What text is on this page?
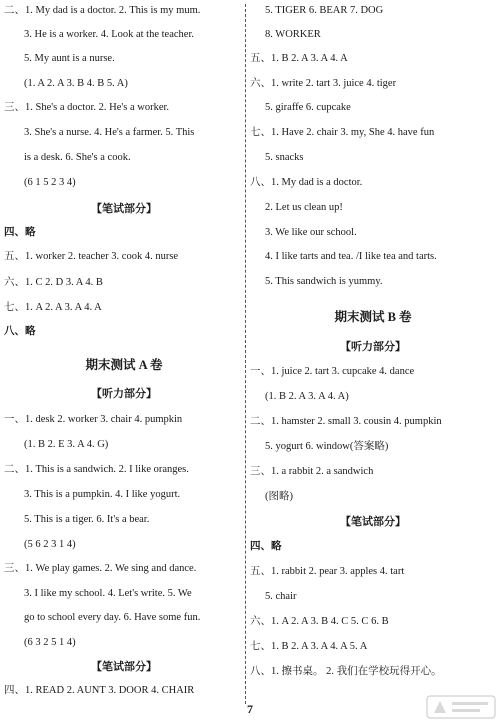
二、1. My dad is a doctor. 2. This is my mum.
3. He is a worker. 4. Look at the teacher.
5. My aunt is a nurse.
(1. A 2. A 3. B 4. B 5. A)
三、1. She's a doctor. 2. He's a worker.
3. She's a nurse. 4. He's a farmer. 5. This
is a desk. 6. She's a cook.
(6 1 5 2 3 4)
【笔试部分】
四、略
五、1. worker 2. teacher 3. cook 4. nurse
六、1. C 2. D 3. A 4. B
七、1. A 2. A 3. A 4. A
八、略
期末测试 A 卷
【听力部分】
一、1. desk 2. worker 3. chair 4. pumpkin
(1. B 2. E 3. A 4. G)
二、1. This is a sandwich. 2. I like oranges.
3. This is a pumpkin. 4. I like yogurt.
5. This is a tiger. 6. It's a bear.
(5 6 2 3 1 4)
三、1. We play games. 2. We sing and dance.
3. I like my school. 4. Let's write. 5. We
go to school every day. 6. Have some fun.
(6 3 2 5 1 4)
【笔试部分】
四、1. READ 2. AUNT 3. DOOR 4. CHAIR
5. TIGER 6. BEAR 7. DOG
8. WORKER
五、1. B 2. A 3. A 4. A
六、1. write 2. tart 3. juice 4. tiger
5. giraffe 6. cupcake
七、1. Have 2. chair 3. my, She 4. have fun
5. snacks
八、1. My dad is a doctor.
2. Let us clean up!
3. We like our school.
4. I like tarts and tea. /I like tea and tarts.
5. This sandwich is yummy.
期末测试 B 卷
【听力部分】
一、1. juice 2. tart 3. cupcake 4. dance
(1. B 2. A 3. A 4. A)
二、1. hamster 2. small 3. cousin 4. pumpkin
5. yogurt 6. window(答案略)
三、1. a rabbit 2. a sandwich
(图略)
【笔试部分】
四、略
五、1. rabbit 2. pear 3. apples 4. tart
5. chair
六、1. A 2. A 3. B 4. C 5. C 6. B
七、1. B 2. A 3. A 4. A 5. A
八、1. 擦书桌。 2. 我们在学校玩得开心。
7
